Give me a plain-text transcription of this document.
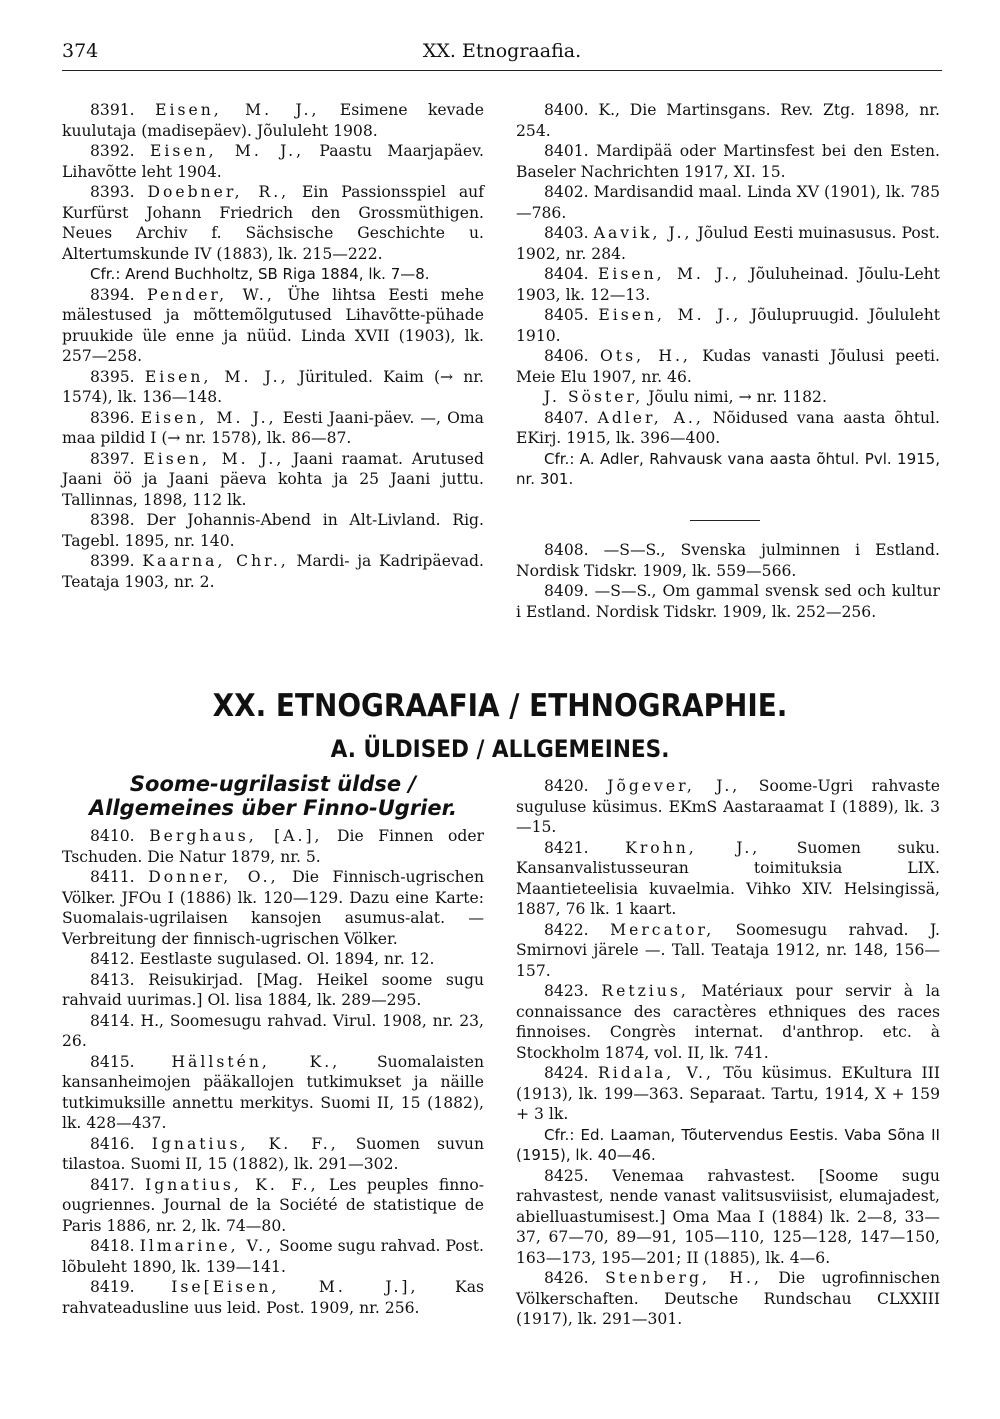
374	XX. Etnograafia.

8391. Eisen, M. J., Esimene kevade kuulutaja (madisepäev). Jõululeht 1908.

8392. Eisen, M. J., Paastu Maarjapäev. Lihavõtte leht 1904.

8393. Doebner, R., Ein Passionsspiel auf Kurfürst Johann Friedrich den Grossmüthigen. Neues Archiv f. Sächsische Geschichte u. Altertumskunde IV (1883), lk. 215—222.

Cfr.: Arend Buchholtz, SB Riga 1884, lk. 7—8.

8394. Pender, W., Ühe lihtsa Eesti mehe mälestused ja mõttemõlgutused Lihavõtte-pühade pruukide üle enne ja nüüd. Linda XVII (1903), lk. 257—258.

8395. Eisen, M. J., Jürituled. Kaim (→ nr. 1574), lk. 136—148.

8396. Eisen, M. J., Eesti Jaani-päev. —, Oma maa pildid I (→ nr. 1578), lk. 86—87.

8397. Eisen, M. J., Jaani raamat. Arutused Jaani öö ja Jaani päeva kohta ja 25 Jaani juttu. Tallinnas, 1898, 112 lk.

8398. Der Johannis-Abend in Alt-Livland. Rig. Tagebl. 1895, nr. 140.

8399. Kaarna, Chr., Mardi- ja Kadripäevad. Teataja 1903, nr. 2.

8400. K., Die Martinsgans. Rev. Ztg. 1898, nr. 254.

8401. Mardipää oder Martinsfest bei den Esten. Baseler Nachrichten 1917, XI. 15.

8402. Mardisandid maal. Linda XV (1901), lk. 785—786.

8403. Aavik, J., Jõulud Eesti muinasusus. Post. 1902, nr. 284.

8404. Eisen, M. J., Jõuluheinad. Jõulu-Leht 1903, lk. 12—13.

8405. Eisen, M. J., Jõulupruugid. Jõululeht 1910.

8406. Ots, H., Kudas vanasti Jõulusi peeti. Meie Elu 1907, nr. 46.

J. Söster, Jõulu nimi, → nr. 1182.

8407. Adler, A., Nõidused vana aasta õhtul. EKirj. 1915, lk. 396—400.

Cfr.: A. Adler, Rahvausk vana aasta õhtul. Pvl. 1915, nr. 301.

8408. —S—S., Svenska julminnen i Estland. Nordisk Tidskr. 1909, lk. 559—566.

8409. —S—S., Om gammal svensk sed och kultur i Estland. Nordisk Tidskr. 1909, lk. 252—256.

XX. ETNOGRAAFIA / ETHNOGRAPHIE.
A. ÜLDISED / ALLGEMEINES.
Soome-ugrilasist üldse / Allgemeines über Finno-Ugrier.

8410. Berghaus, [A.], Die Finnen oder Tschuden. Die Natur 1879, nr. 5.

8411. Donner, O., Die Finnisch-ugrischen Völker. JFOu I (1886) lk. 120—129. Dazu eine Karte: Suomalais-ugrilaisen kansojen asumus-alat. — Verbreitung der finnisch-ugrischen Völker.

8412. Eestlaste sugulased. Ol. 1894, nr. 12.

8413. Reisukirjad. [Mag. Heikel soome sugu rahvaid uurimas.] Ol. lisa 1884, lk. 289—295.

8414. H., Soomesugu rahvad. Virul. 1908, nr. 23, 26.

8415. Hällstén, K., Suomalaisten kansanheimojen pääkallojen tutkimukset ja näille tutkimuksille annettu merkitys. Suomi II, 15 (1882), lk. 428—437.

8416. Ignatius, K. F., Suomen suvun tilastoa. Suomi II, 15 (1882), lk. 291—302.

8417. Ignatius, K. F., Les peuples finno-ougriennes. Journal de la Société de statistique de Paris 1886, nr. 2, lk. 74—80.

8418. Ilmarine, V., Soome sugu rahvad. Post. lõbuleht 1890, lk. 139—141.

8419. Ise[Eisen, M. J.], Kas rahvateadusline uus leid. Post. 1909, nr. 256.

8420. Jõgever, J., Soome-Ugri rahvaste suguluse küsimus. EKmS Aastaraamat I (1889), lk. 3—15.

8421. Krohn, J., Suomen suku. Kansanvalistusseuran toimituksia LIX. Maantieteelisia kuvaelmia. Vihko XIV. Helsingissä, 1887, 76 lk. 1 kaart.

8422. Mercator, Soomesugu rahvad. J. Smirnovi järele —. Tall. Teataja 1912, nr. 148, 156—157.

8423. Retzius, Matériaux pour servir à la connaissance des caractères ethniques des races finnoises. Congrès internat. d'anthrop. etc. à Stockholm 1874, vol. II, lk. 741.

8424. Ridala, V., Tõu küsimus. EKultura III (1913), lk. 199—363. Separaat. Tartu, 1914, X + 159 + 3 lk.

Cfr.: Ed. Laaman, Tõutervendus Eestis. Vaba Sõna II (1915), lk. 40—46.

8425. Venemaa rahvastest. [Soome sugu rahvastest, nende vanast valitsusviisist, elumajadest, abielluastumisest.] Oma Maa I (1884) lk. 2—8, 33—37, 67—70, 89—91, 105—110, 125—128, 147—150, 163—173, 195—201; II (1885), lk. 4—6.

8426. Stenberg, H., Die ugrofinnischen Völkerschaften. Deutsche Rundschau CLXXIII (1917), lk. 291—301.
